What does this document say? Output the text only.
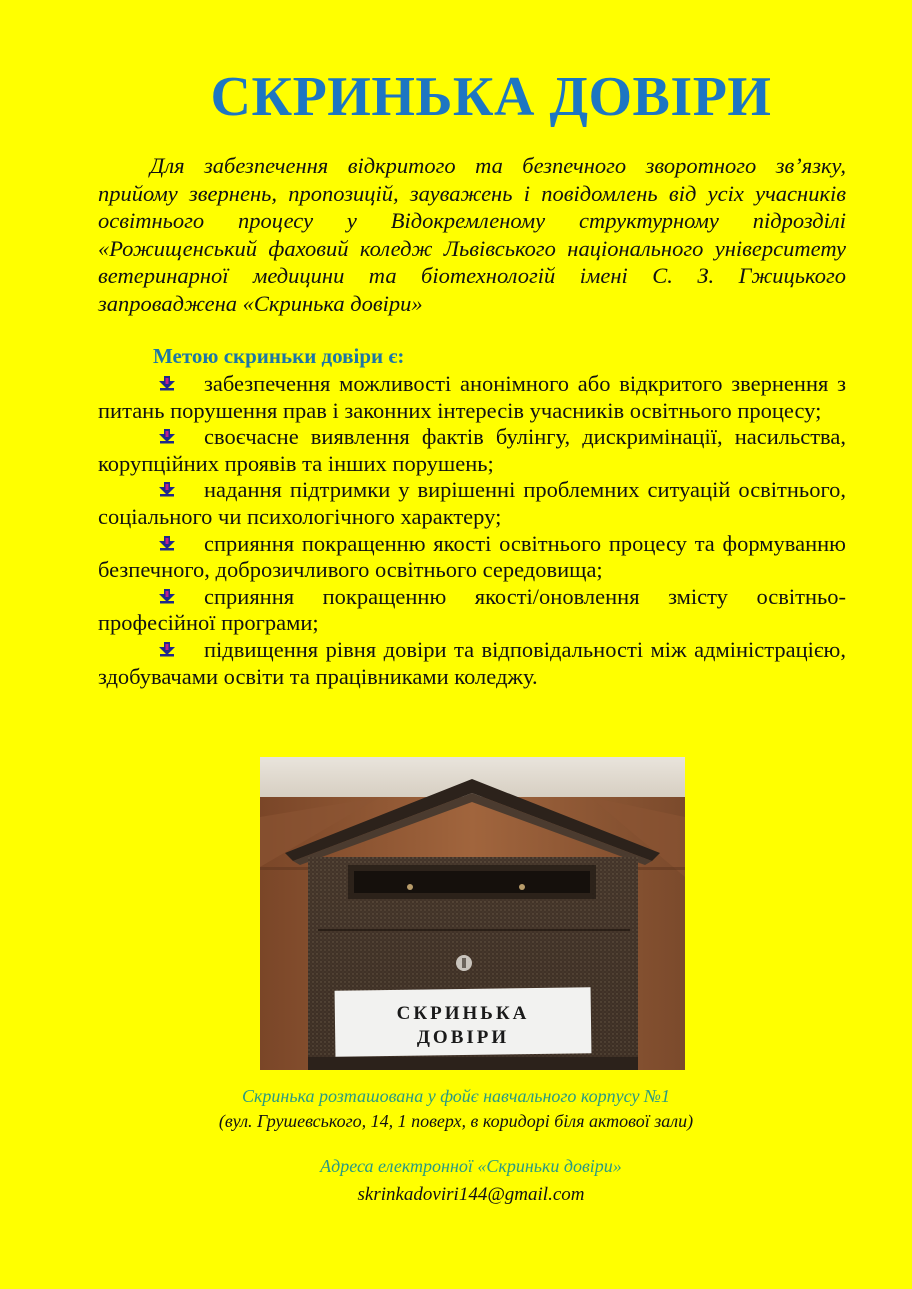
СКРИНЬКА ДОВІРИ

Для забезпечення відкритого та безпечного зворотного зв’язку, прийому звернень, пропозицій, зауважень і повідомлень від усіх учасників освітнього процесу у Відокремленому структурному підрозділі «Рожищенський фаховий коледж Львівського національного університету ветеринарної медицини та біотехнологій імені С. З. Гжицького запроваджена «Скринька довіри»

Метою скриньки довіри є:
забезпечення можливості анонімного або відкритого звернення з питань порушення прав і законних інтересів учасників освітнього процесу;
своєчасне виявлення фактів булінгу, дискримінації, насильства, корупційних проявів та інших порушень;
надання підтримки у вирішенні проблемних ситуацій освітнього, соціального чи психологічного характеру;
сприяння покращенню якості освітнього процесу та формуванню безпечного, доброзичливого освітнього середовища;
сприяння покращенню якості/оновлення змісту освітньо-професійної програми;
підвищення рівня довіри та відповідальності між адміністрацією, здобувачами освіти та працівниками коледжу.
СКРИНЬКА
ДОВІРИ
Скринька розташована у фойє навчального корпусу №1
(вул. Грушевського, 14, 1 поверх, в коридорі біля актової зали)
Адреса електронної «Скриньки довіри»
skrinkadoviri144@gmail.com
